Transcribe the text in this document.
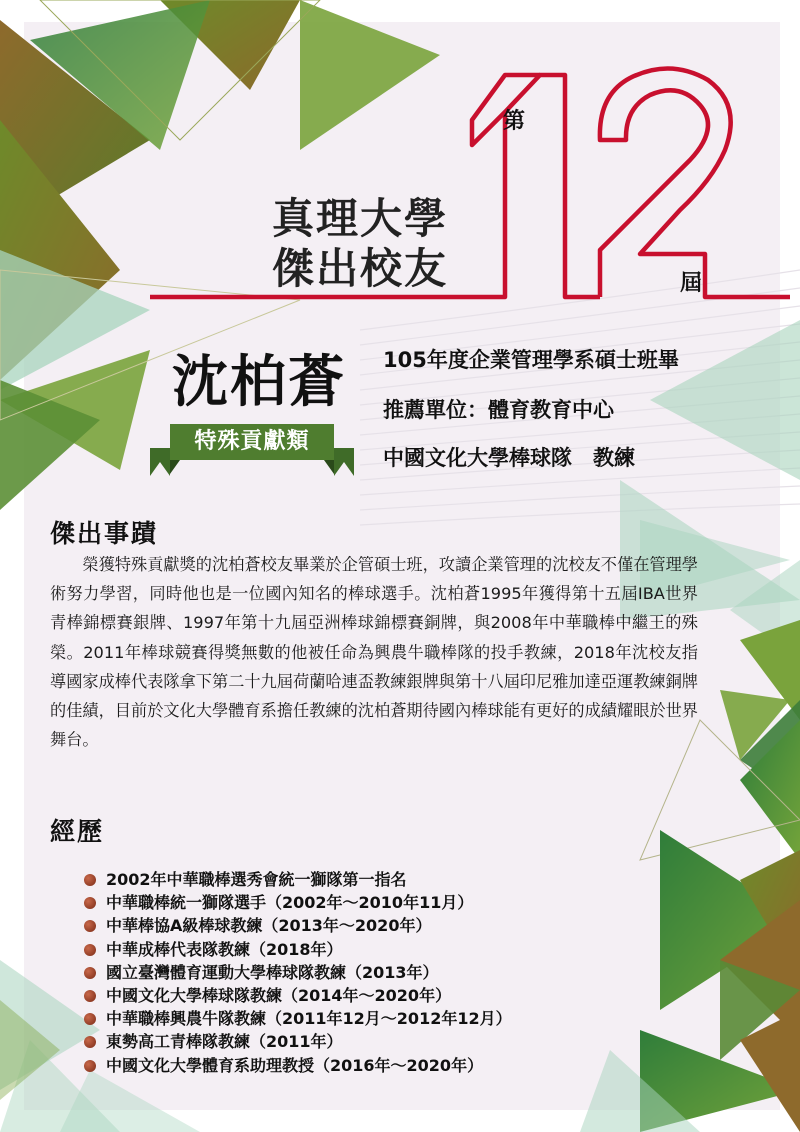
第
屆
真理大學
傑出校友
沈柏蒼
特殊貢獻類
105年度企業管理學系碩士班畢
推薦單位：體育教育中心
中國文化大學棒球隊　教練
傑出事蹟
榮獲特殊貢獻獎的沈柏蒼校友畢業於企管碩士班，攻讀企業管理的沈校友不僅在管理學術努力學習，同時他也是一位國內知名的棒球選手。沈柏蒼1995年獲得第十五屆IBA世界青棒錦標賽銀牌、1997年第十九屆亞洲棒球錦標賽銅牌，與2008年中華職棒中繼王的殊榮。2011年棒球競賽得獎無數的他被任命為興農牛職棒隊的投手教練，2018年沈校友指導國家成棒代表隊拿下第二十九屆荷蘭哈連盃教練銀牌與第十八屆印尼雅加達亞運教練銅牌的佳績，目前於文化大學體育系擔任教練的沈柏蒼期待國內棒球能有更好的成績耀眼於世界舞台。
經歷
2002年中華職棒選秀會統一獅隊第一指名
中華職棒統一獅隊選手（2002年～2010年11月）
中華棒協A級棒球教練（2013年～2020年）
中華成棒代表隊教練（2018年）
國立臺灣體育運動大學棒球隊教練（2013年）
中國文化大學棒球隊教練（2014年～2020年）
中華職棒興農牛隊教練（2011年12月～2012年12月）
東勢高工青棒隊教練（2011年）
中國文化大學體育系助理教授（2016年～2020年）
